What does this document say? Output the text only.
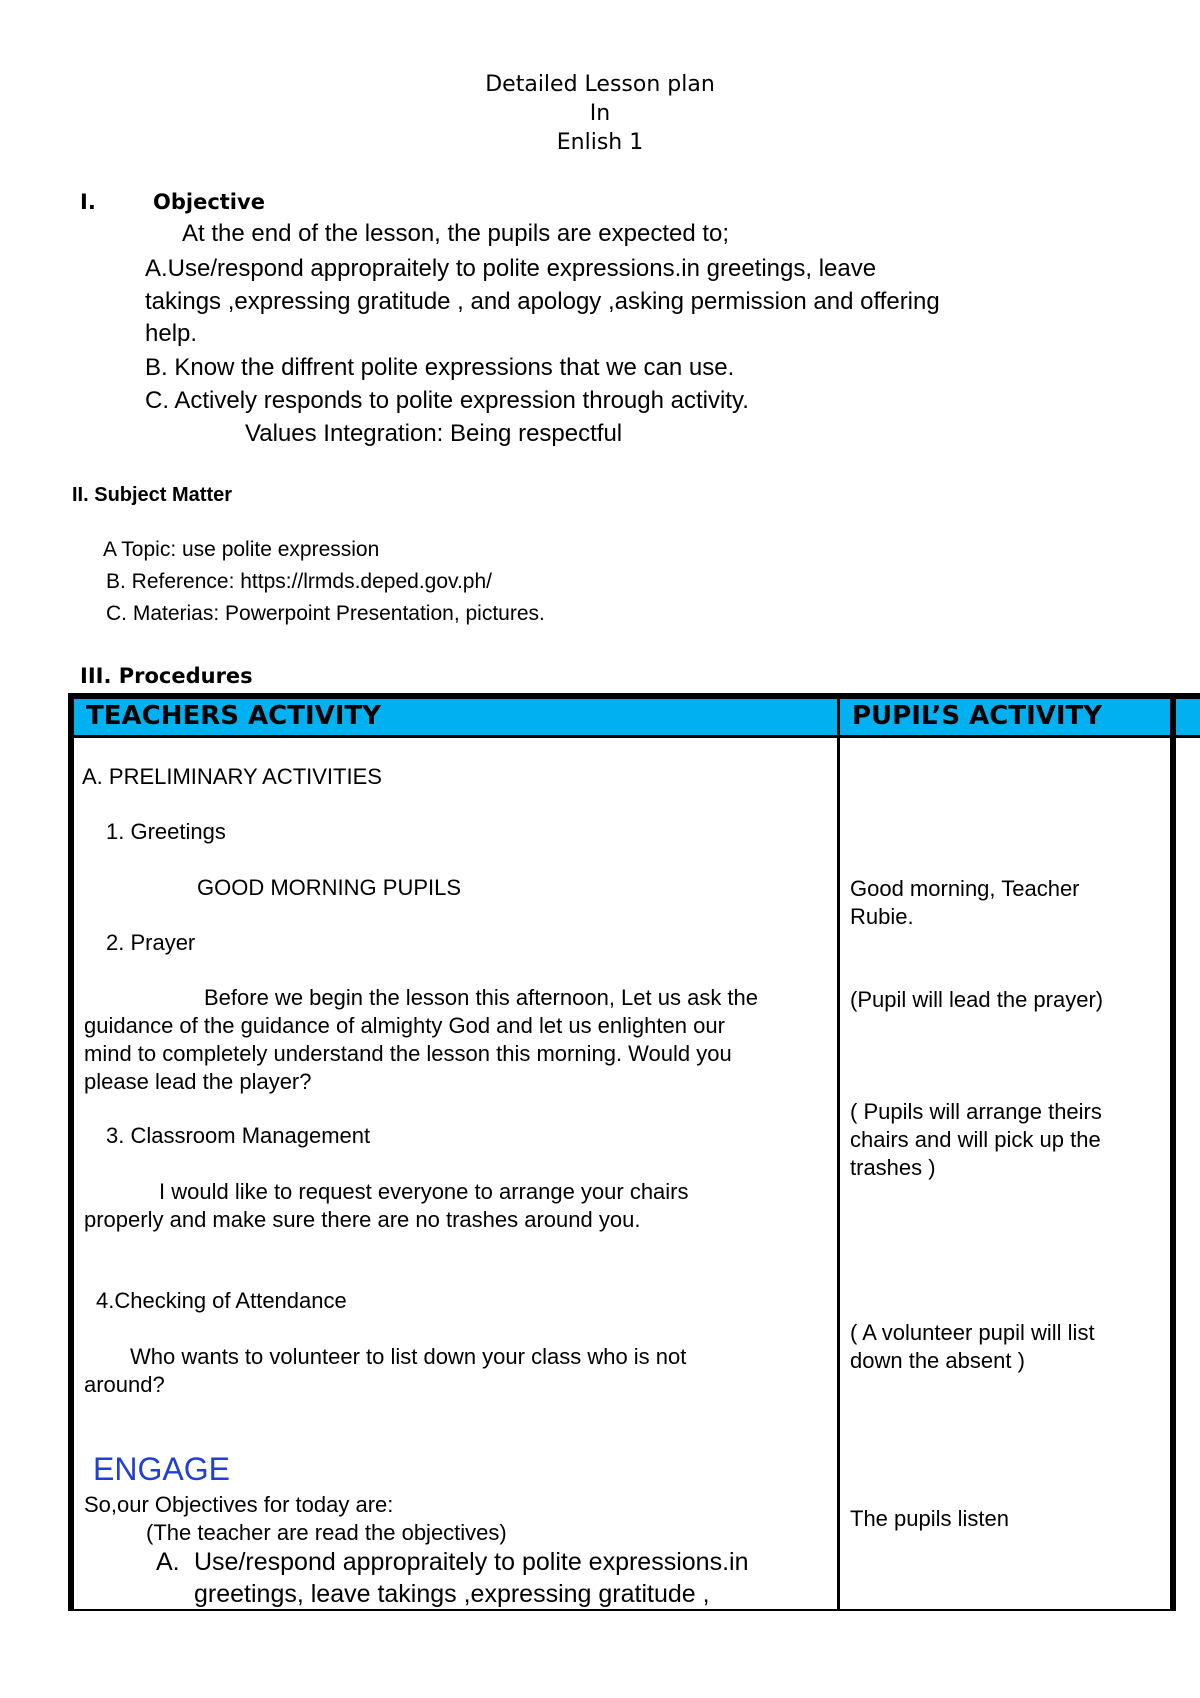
Detailed Lesson plan

In

Enlish 1

I.	Objective

At the end of the lesson, the pupils are expected to;

A.Use/respond appropraitely to polite expressions.in greetings, leave

takings ,expressing gratitude , and apology ,asking permission and offering

help.

B. Know the diffrent polite expressions that we can use.

C. Actively responds to polite expression through activity.

Values Integration: Being respectful

II. Subject Matter

A Topic: use polite expression

B. Reference: https://lrmds.deped.gov.ph/

C. Materias: Powerpoint Presentation, pictures.

III. Procedures

TEACHERS ACTIVITY	PUPIL’S ACTIVITY
A. PRELIMINARY ACTIVITIES
1. Greetings
GOOD MORNING PUPILS
2. Prayer
Before we begin the lesson this afternoon, Let us ask the
guidance of the guidance of almighty God and let us enlighten our
mind to completely understand the lesson this morning. Would you
please lead the player?
3. Classroom Management
I would like to request everyone to arrange your chairs
properly and make sure there are no trashes around you.
4.Checking of Attendance
Who wants to volunteer to list down your class who is not
around?
ENGAGE
So,our Objectives for today are:
(The teacher are read the objectives)
A. Use/respond appropraitely to polite expressions.in
greetings, leave takings ,expressing gratitude ,
Good morning, Teacher
Rubie.
(Pupil will lead the prayer)
( Pupils will arrange theirs
chairs and will pick up the
trashes )
( A volunteer pupil will list
down the absent )
The pupils listen
